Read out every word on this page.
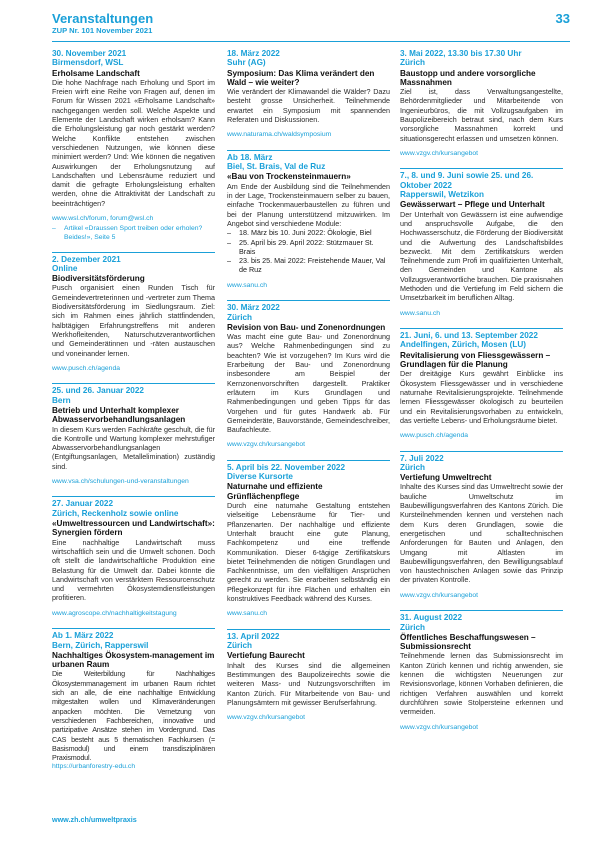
Veranstaltungen
ZUP Nr. 101 November 2021
33
30. November 2021
Birmensdorf, WSL
Erholsame Landschaft
Die hohe Nachfrage nach Erholung und Sport im Freien wirft eine Reihe von Fragen auf, denen im Forum für Wissen 2021 «Erholsame Landschaft» nachgegangen werden soll. Welche Aspekte und Elemente der Landschaft wirken erholsam? Kann die Erholungsleistung gar noch gestärkt werden? Welche Konflikte entstehen zwischen verschiedenen Nutzungen, wie können diese minimiert werden? Und: Wie können die negativen Auswirkungen der Erholungsnutzung auf Landschaften und Lebensräume reduziert und damit die gefragte Erholungsleistung erhalten werden, ohne die Attraktivität der Landschaft zu beeinträchtigen?
www.wsl.ch/forum, forum@wsl.ch
– Artikel «Draussen Sport treiben oder erholen? Beides!», Seite 5
2. Dezember 2021
Online
Biodiversitätsförderung
Pusch organisiert einen Runden Tisch für Gemeindevertreterinnen und -vertreter zum Thema Biodiversitätsförderung im Siedlungsraum. Ziel: sich im Rahmen eines jährlich stattfindenden, halbtägigen Erfahrungstreffens mit anderen Werkhofleitenden, Naturschutzverantwortlichen und Gemeinderätinnen und -räten austauschen und voneinander lernen.
www.pusch.ch/agenda
25. und 26. Januar 2022
Bern
Betrieb und Unterhalt komplexer Abwasservorbehandlungsanlagen
In diesem Kurs werden Fachkräfte geschult, die für die Kontrolle und Wartung komplexer mehrstufiger Abwasservorbehandlungsanlagen (Entgiftungsanlagen, Metallelimination) zuständig sind.
www.vsa.ch/schulungen-und-veranstaltungen
27. Januar 2022
Zürich, Reckenholz sowie online
«Umweltressourcen und Landwirtschaft»: Synergien fördern
Eine nachhaltige Landwirtschaft muss wirtschaftlich sein und die Umwelt schonen. Doch oft stellt die landwirtschaftliche Produktion eine Belastung für die Umwelt dar. Dabei könnte die Landwirtschaft von verstärktem Ressourcenschutz und vermehrten Ökosystemdienstleistungen profitieren.
www.agroscope.ch/nachhaltigkeitstagung
Ab 1. März 2022
Bern, Zürich, Rapperswil
Nachhaltiges Ökosystem-management im urbanen Raum
Die Weiterbildung für Nachhaltiges Ökosystemmanagement im urbanen Raum richtet sich an alle, die eine nachhaltige Entwicklung mitgestalten wollen und Klimaveränderungen anpacken möchten. Die Vernetzung von verschiedenen Fachbereichen, innovative und partizipative Ansätze stehen im Vordergrund. Das CAS besteht aus 5 thematischen Fachkursen (= Basismodul) und einem transdisziplinären Praxismodul.
https://urbanforestry-edu.ch
18. März 2022
Suhr (AG)
Symposium: Das Klima verändert den Wald – wie weiter?
Wie verändert der Klimawandel die Wälder? Dazu besteht grosse Unsicherheit. Teilnehmende erwartet ein Symposium mit spannenden Referaten und Diskussionen.
www.naturama.ch/waldsymposium
Ab 18. März
Biel, St. Brais, Val de Ruz
«Bau von Trockensteinmauern»
Am Ende der Ausbildung sind die Teilnehmenden in der Lage, Trockensteinmauern selber zu bauen, einfache Trockenmauerbaustellen zu führen und bei der Planung unterstützend mitzuwirken. Im Angebot sind verschiedene Module:
– 18. März bis 10. Juni 2022: Ökologie, Biel
– 25. April bis 29. April 2022: Stützmauer St. Brais
– 23. bis 25. Mai 2022: Freistehende Mauer, Val de Ruz
www.sanu.ch
30. März 2022
Zürich
Revision von Bau- und Zonenordnungen
Was macht eine gute Bau- und Zonenordnung aus? Welche Rahmenbedingungen sind zu beachten? Wie ist vorzugehen? Im Kurs wird die Erarbeitung der Bau- und Zonenordnung insbesondere am Beispiel der Kernzonenvorschriften dargestellt. Praktiker erläutern im Kurs Grundlagen und Rahmenbedingungen und geben Tipps für das Vorgehen und für gutes Handwerk ab. Für Gemeinderäte, Bauvorstände, Gemeindeschreiber, Baufachleute.
www.vzgv.ch/kursangebot
5. April bis 22. November 2022
Diverse Kursorte
Naturnahe und effiziente Grünflächenpflege
Durch eine naturnahe Gestaltung entstehen vielseitige Lebensräume für Tier- und Pflanzenarten. Der nachhaltige und effiziente Unterhalt braucht eine gute Planung, Fachkompetenz und eine treffende Kommunikation. Dieser 6-tägige Zertifikatskurs bietet Teilnehmenden die nötigen Grundlagen und Fachkenntnisse, um den vielfältigen Ansprüchen gerecht zu werden. Sie erarbeiten selbständig ein Pflegekonzept für ihre Flächen und erhalten ein konstruktives Feedback während des Kurses.
www.sanu.ch
13. April 2022
Zürich
Vertiefung Baurecht
Inhalt des Kurses sind die allgemeinen Bestimmungen des Baupolizeirechts sowie die weiteren Mass- und Nutzungsvorschriften im Kanton Zürich. Für Mitarbeitende von Bau- und Planungsämtern mit gewisser Berufserfahrung.
www.vzgv.ch/kursangebot
3. Mai 2022, 13.30 bis 17.30 Uhr
Zürich
Baustopp und andere vorsorgliche Massnahmen
Ziel ist, dass Verwaltungsangestellte, Behördenmitglieder und Mitarbeitende von Ingenieurbüros, die mit Vollzugsaufgaben im Baupolizeibereich betraut sind, nach dem Kurs vorsorgliche Massnahmen korrekt und situationsgerecht erlassen und umsetzen können.
www.vzgv.ch/kursangebot
7., 8. und 9. Juni sowie 25. und 26. Oktober 2022
Rapperswil, Wetzikon
Gewässerwart – Pflege und Unterhalt
Der Unterhalt von Gewässern ist eine aufwendige und anspruchsvolle Aufgabe, die den Hochwasserschutz, die Förderung der Biodiversität und die Aufwertung des Landschaftsbildes bezweckt. Mit dem Zertifikatskurs werden Teilnehmende zum Profi im qualifizierten Unterhalt, den Gemeinden und Kantone als Vollzugsverantwortliche brauchen. Die praxisnahen Methoden und die Vertiefung im Feld sichern die Umsetzbarkeit im beruflichen Alltag.
www.sanu.ch
21. Juni, 6. und 13. September 2022
Andelfingen, Zürich, Mosen (LU)
Revitalisierung von Fliessgewässern – Grundlagen für die Planung
Der dreitägige Kurs gewährt Einblicke ins Ökosystem Fliessgewässer und in verschiedene naturnahe Revitalisierungsprojekte. Teilnehmende lernen Fliessgewässer ökologisch zu beurteilen und ein Revitalisierungsvorhaben zu entwickeln, das vertiefte Lebens- und Erholungsräume bietet.
www.pusch.ch/agenda
7. Juli 2022
Zürich
Vertiefung Umweltrecht
Inhalte des Kurses sind das Umweltrecht sowie der bauliche Umweltschutz im Baubewilligungsverfahren des Kantons Zürich. Die Kursteilnehmenden kennen und verstehen nach dem Kurs deren Grundlagen, sowie die energetischen und schalltechnischen Anforderungen für Bauten und Anlagen, den Umgang mit Altlasten im Baubewilligungsverfahren, den Bewilligungsablauf von haustechnischen Anlagen sowie das Prinzip der privaten Kontrolle.
www.vzgv.ch/kursangebot
31. August 2022
Zürich
Öffentliches Beschaffungswesen – Submissionsrecht
Teilnehmende lernen das Submissionsrecht im Kanton Zürich kennen und richtig anwenden, sie kennen die wichtigsten Neuerungen zur Revisionsvorlage, können Vorhaben definieren, die richtigen Verfahren auswählen und korrekt durchführen sowie Stolpersteine erkennen und vermeiden.
www.vzgv.ch/kursangebot
www.zh.ch/umweltpraxis
